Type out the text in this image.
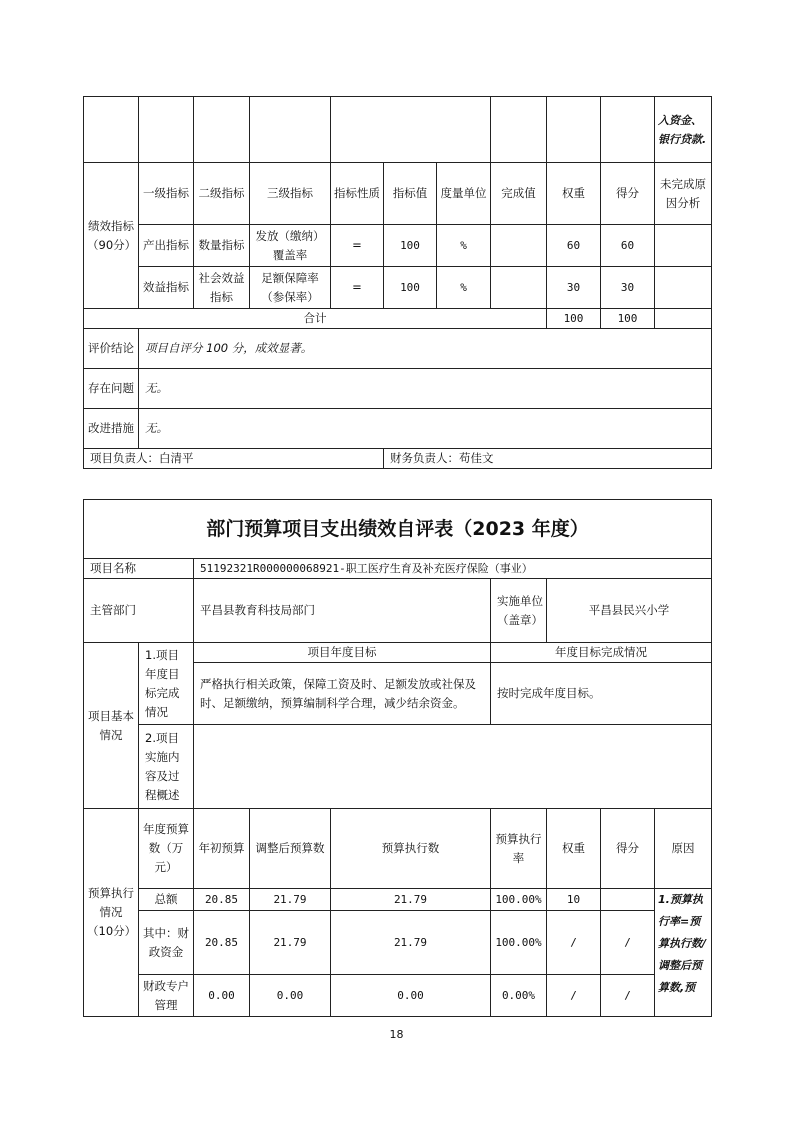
										入资金、银行贷款.
绩效指标（90分）	一级指标	二级指标	三级指标	指标性质	指标值	度量单位	完成值	权重	得分	未完成原因分析
	产出指标	数量指标	发放（缴纳）覆盖率	=	100	%		60	60	
	效益指标	社会效益指标	足额保障率（参保率）	=	100	%		30	30	
合计								100	100	
评价结论	项目自评分 100 分，成效显著。									
存在问题	无。									
改进措施	无。									
项目负责人：白清平					财务负责人：苟佳文					
部门预算项目支出绩效自评表（2023 年度）								
项目名称		51192321R000000068921-职工医疗生育及补充医疗保险（事业）						
主管部门		平昌县教育科技局部门			实施单位（盖章）	平昌县民兴小学		
项目基本情况	1.项目年度目标完成情况	项目年度目标			年度目标完成情况			
		严格执行相关政策，保障工资及时、足额发放或社保及时、足额缴纳，预算编制科学合理，减少结余资金。			按时完成年度目标。			
	2.项目实施内容及过程概述							
预算执行情况（10分）	年度预算数（万元）	年初预算	调整后预算数	预算执行数	预算执行率	权重	得分	原因
	总额	20.85	21.79	21.79	100.00%	10		1.预算执行率=预算执行数/调整后预算数,预
	其中：财政资金	20.85	21.79	21.79	100.00%	/	/	
	财政专户管理	0.00	0.00	0.00	0.00%	/	/	
18
